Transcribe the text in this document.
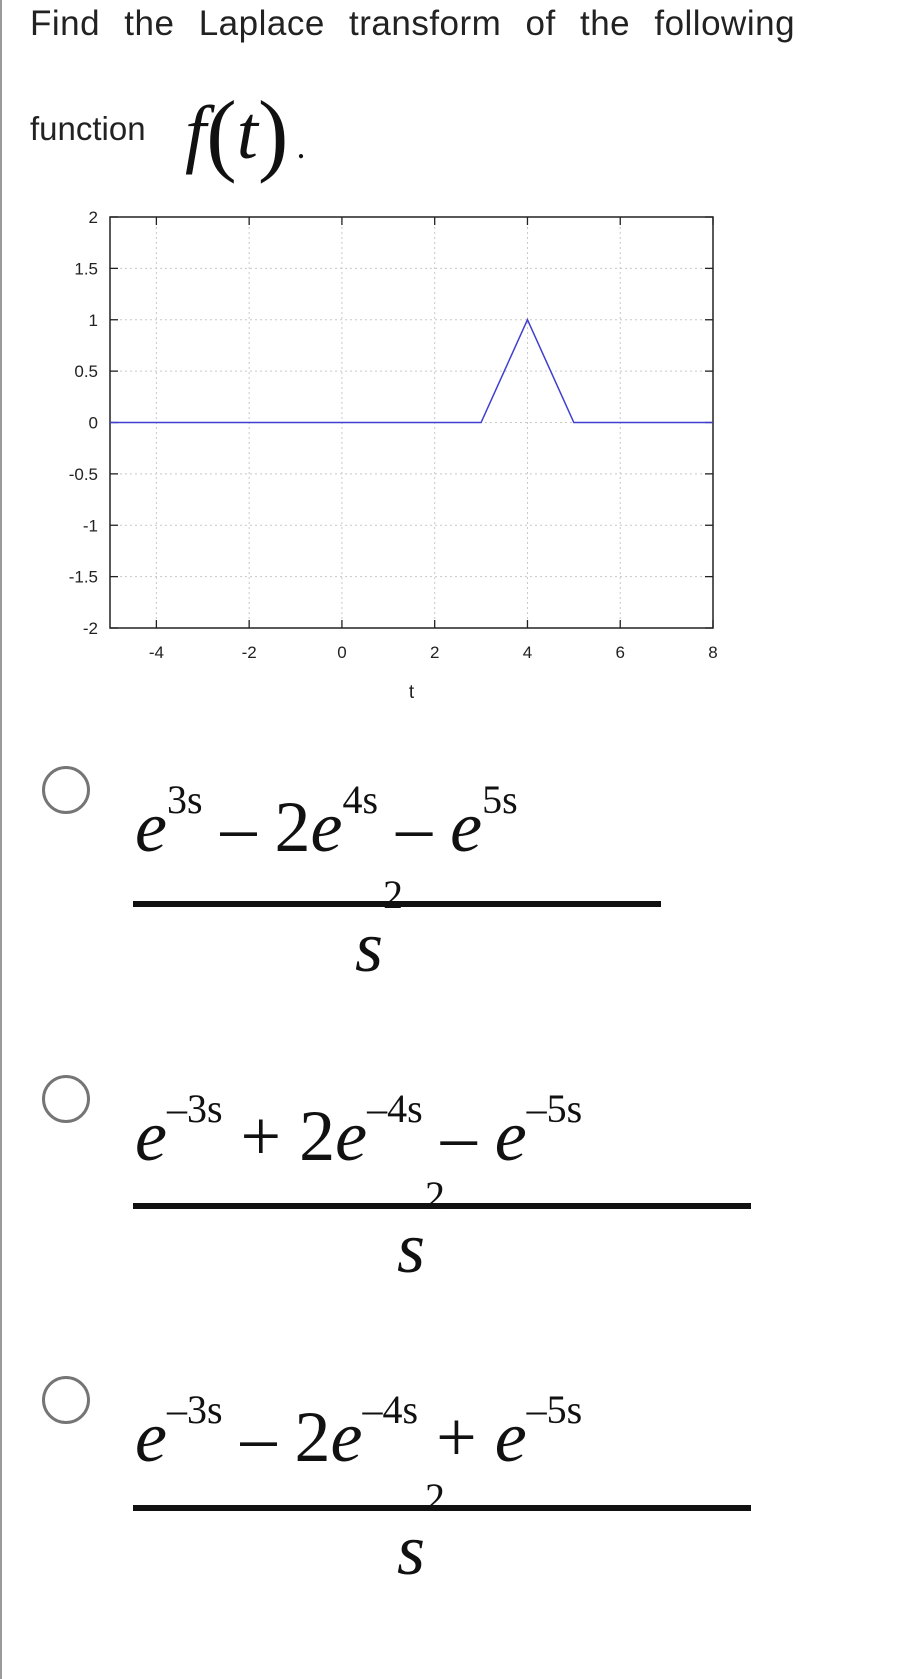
Find the Laplace transform of the following
function f(t) .
-4	-2	0	2	4	6	8
2
1.5
1
0.5
0
-0.5
-1
-1.5
-2
t
$e^{3s} - 2e^{4s} - e^{5s}$
$s^2$
$e^{-3s} + 2e^{-4s} - e^{-5s}$
$s^2$
$e^{-3s} - 2e^{-4s} + e^{-5s}$
$s^2$
